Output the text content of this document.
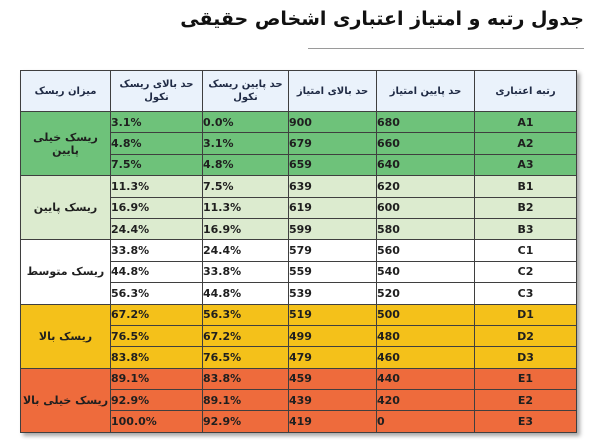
جدول رتبه و امتیاز اعتباری اشخاص حقیقی
رتبه اعتباری	حد پایین امتیاز	حد بالای امتیاز	حد پایین ریسک نکول	حد بالای ریسک نکول	میزان ریسک
A1	680	900	0.0%	3.1%	ریسک خیلی پایین
A2	660	679	3.1%	4.8%	
A3	640	659	4.8%	7.5%	
B1	620	639	7.5%	11.3%	ریسک پایین
B2	600	619	11.3%	16.9%	
B3	580	599	16.9%	24.4%	
C1	560	579	24.4%	33.8%	ریسک متوسط
C2	540	559	33.8%	44.8%	
C3	520	539	44.8%	56.3%	
D1	500	519	56.3%	67.2%	ریسک بالا
D2	480	499	67.2%	76.5%	
D3	460	479	76.5%	83.8%	
E1	440	459	83.8%	89.1%	ریسک خیلی بالا
E2	420	439	89.1%	92.9%	
E3	0	419	92.9%	100.0%	
